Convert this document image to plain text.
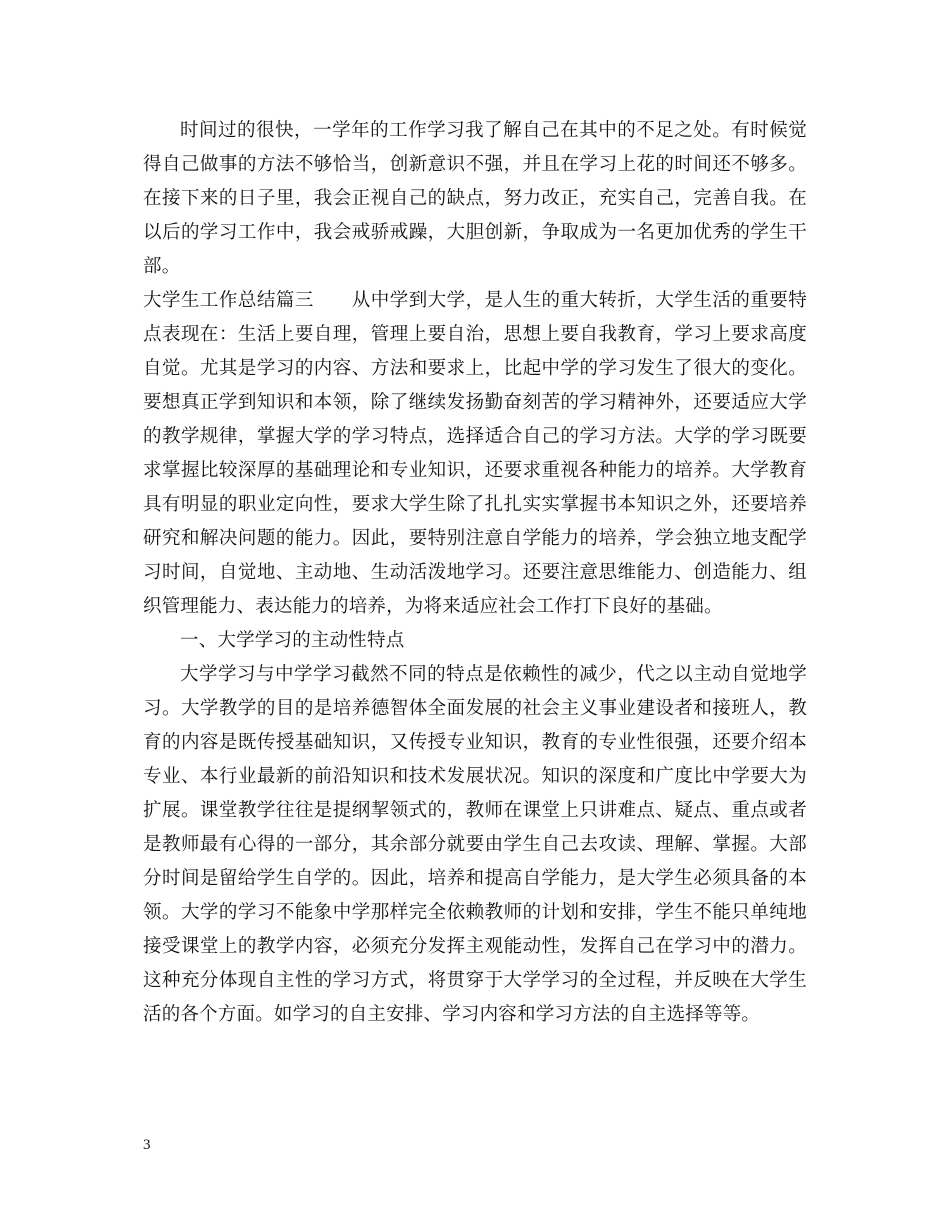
时间过的很快，一学年的工作学习我了解自己在其中的不足之处。有时候觉得自己做事的方法不够恰当，创新意识不强，并且在学习上花的时间还不够多。在接下来的日子里，我会正视自己的缺点，努力改正，充实自己，完善自我。在以后的学习工作中，我会戒骄戒躁，大胆创新，争取成为一名更加优秀的学生干部。

大学生工作总结篇三　　从中学到大学，是人生的重大转折，大学生活的重要特点表现在：生活上要自理，管理上要自治，思想上要自我教育，学习上要求高度自觉。尤其是学习的内容、方法和要求上，比起中学的学习发生了很大的变化。要想真正学到知识和本领，除了继续发扬勤奋刻苦的学习精神外，还要适应大学的教学规律，掌握大学的学习特点，选择适合自己的学习方法。大学的学习既要求掌握比较深厚的基础理论和专业知识，还要求重视各种能力的培养。大学教育具有明显的职业定向性，要求大学生除了扎扎实实掌握书本知识之外，还要培养研究和解决问题的能力。因此，要特别注意自学能力的培养，学会独立地支配学习时间，自觉地、主动地、生动活泼地学习。还要注意思维能力、创造能力、组织管理能力、表达能力的培养，为将来适应社会工作打下良好的基础。

一、大学学习的主动性特点

大学学习与中学学习截然不同的特点是依赖性的减少，代之以主动自觉地学习。大学教学的目的是培养德智体全面发展的社会主义事业建设者和接班人，教育的内容是既传授基础知识，又传授专业知识，教育的专业性很强，还要介绍本专业、本行业最新的前沿知识和技术发展状况。知识的深度和广度比中学要大为扩展。课堂教学往往是提纲挈领式的，教师在课堂上只讲难点、疑点、重点或者是教师最有心得的一部分，其余部分就要由学生自己去攻读、理解、掌握。大部分时间是留给学生自学的。因此，培养和提高自学能力，是大学生必须具备的本领。大学的学习不能象中学那样完全依赖教师的计划和安排，学生不能只单纯地接受课堂上的教学内容，必须充分发挥主观能动性，发挥自己在学习中的潜力。这种充分体现自主性的学习方式，将贯穿于大学学习的全过程，并反映在大学生活的各个方面。如学习的自主安排、学习内容和学习方法的自主选择等等。

3
